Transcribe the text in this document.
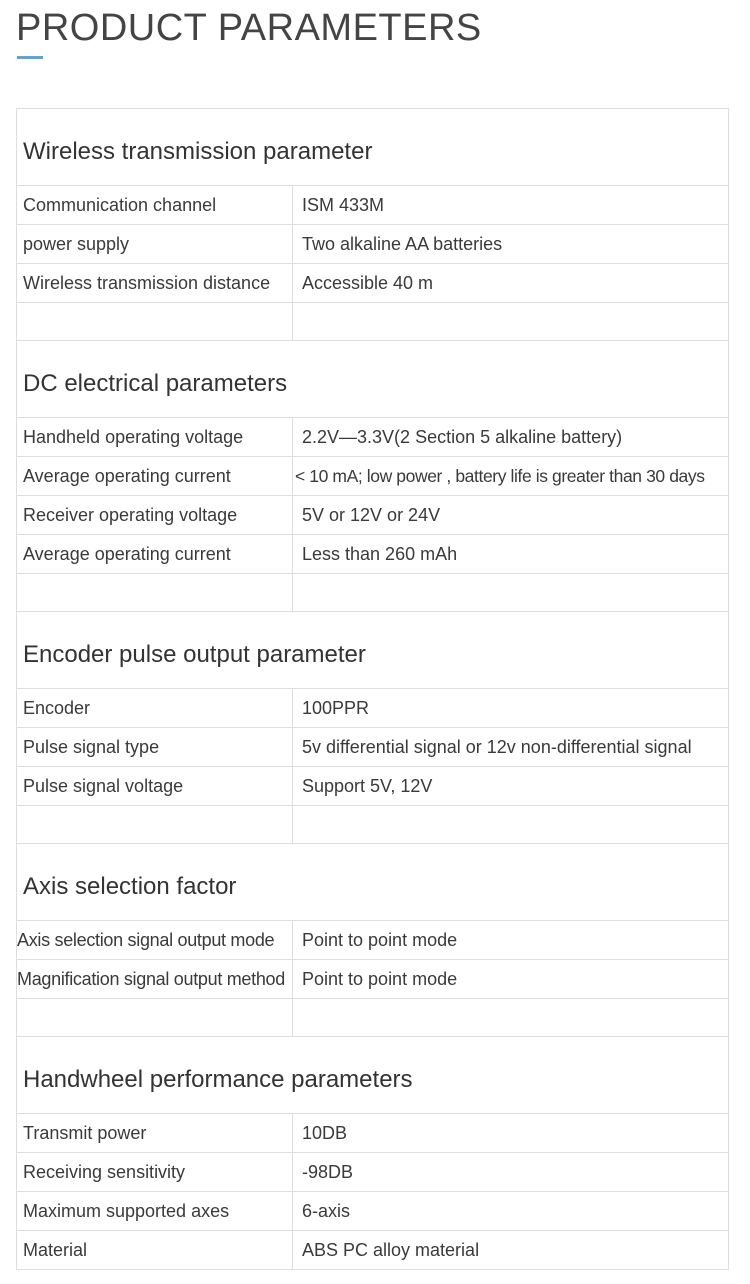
PRODUCT PARAMETERS
Wireless transmission parameter	
Communication channel	ISM 433M
power supply	Two alkaline AA batteries
Wireless transmission distance	Accessible 40 m

DC electrical parameters	
Handheld operating voltage	2.2V—3.3V(2 Section 5 alkaline battery)
Average operating current	< 10 mA; low power , battery life is greater than 30 days
Receiver operating voltage	5V or 12V or 24V
Average operating current	Less than 260 mAh

Encoder pulse output parameter	
Encoder	100PPR
Pulse signal type	5v differential signal or 12v non-differential signal
Pulse signal voltage	Support 5V, 12V

Axis selection factor	
Axis selection signal output mode	Point to point mode
Magnification signal output method	Point to point mode

Handwheel performance parameters	
Transmit power	10DB
Receiving sensitivity	-98DB
Maximum supported axes	6-axis
Material	ABS PC alloy material
